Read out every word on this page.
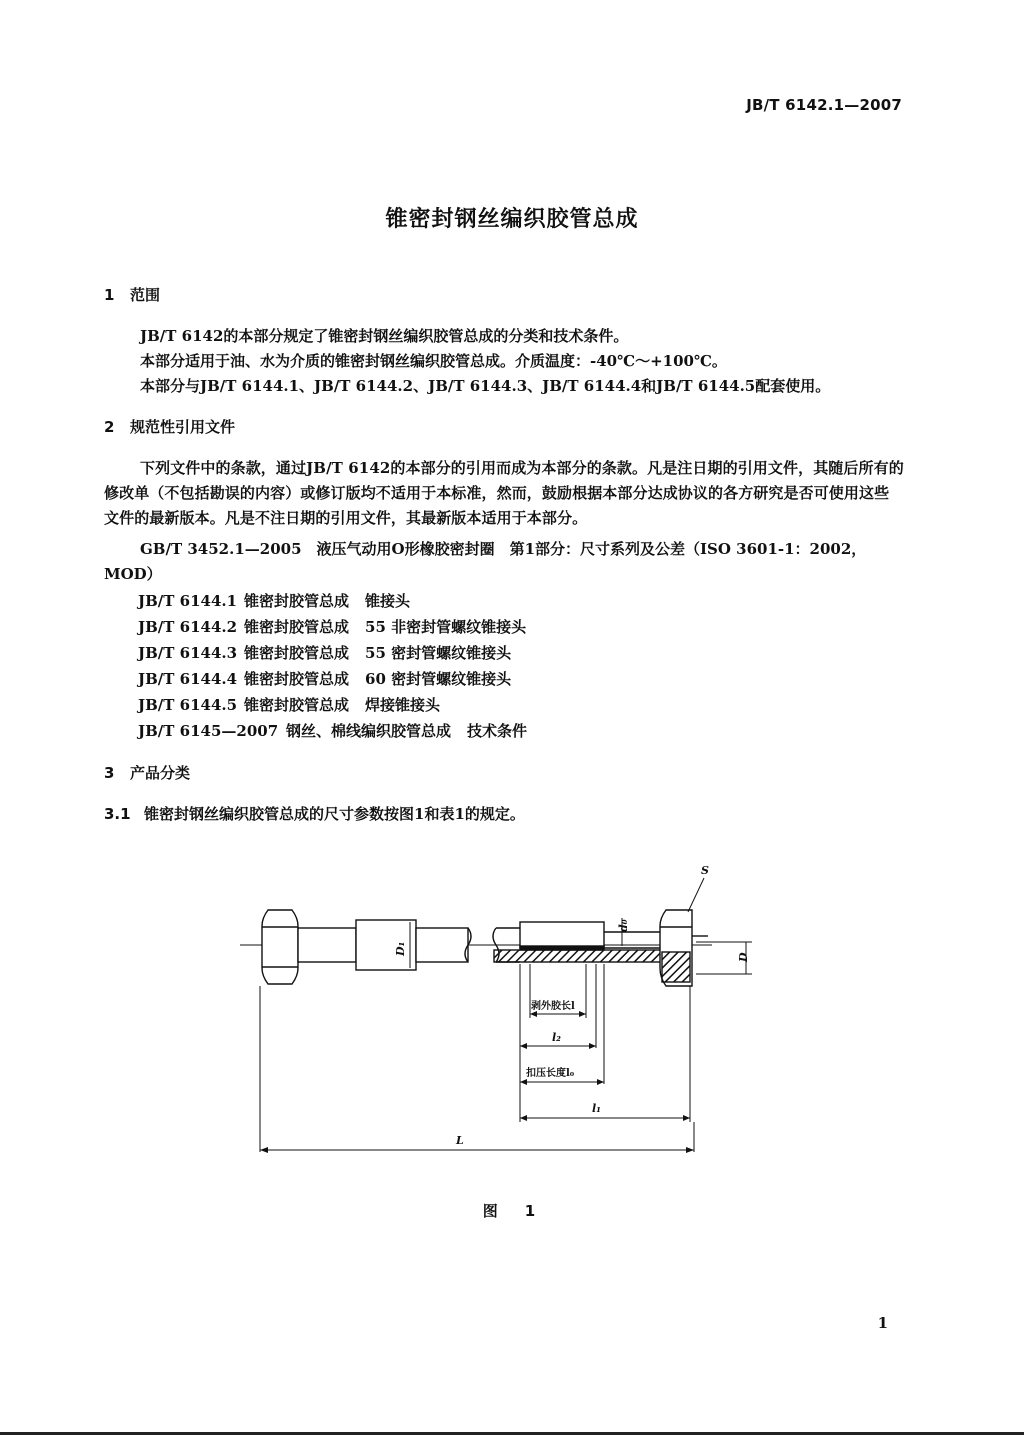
JB/T 6142.1—2007
锥密封钢丝编织胶管总成
1 范围
JB/T 6142的本部分规定了锥密封钢丝编织胶管总成的分类和技术条件。
本部分适用于油、水为介质的锥密封钢丝编织胶管总成。介质温度：-40℃～+100℃。
本部分与JB/T 6144.1、JB/T 6144.2、JB/T 6144.3、JB/T 6144.4和JB/T 6144.5配套使用。
2 规范性引用文件
下列文件中的条款，通过JB/T 6142的本部分的引用而成为本部分的条款。凡是注日期的引用文件，其随后所有的修改单（不包括勘误的内容）或修订版均不适用于本标准，然而，鼓励根据本部分达成协议的各方研究是否可使用这些文件的最新版本。凡是不注日期的引用文件，其最新版本适用于本部分。
GB/T 3452.1—2005　液压气动用O形橡胶密封圈　第1部分：尺寸系列及公差（ISO 3601-1：2002，MOD）
JB/T 6144.1 锥密封胶管总成 锥接头
JB/T 6144.2 锥密封胶管总成 55 非密封管螺纹锥接头
JB/T 6144.3 锥密封胶管总成 55 密封管螺纹锥接头
JB/T 6144.4 锥密封胶管总成 60 密封管螺纹锥接头
JB/T 6144.5 锥密封胶管总成 焊接锥接头
JB/T 6145—2007 钢丝、棉线编织胶管总成 技术条件
3 产品分类
3.1 锥密封钢丝编织胶管总成的尺寸参数按图1和表1的规定。
S
d₀
D₁
D
剥外胶长l
l₂
扣压长度l₀
l₁
L
图　1
1
